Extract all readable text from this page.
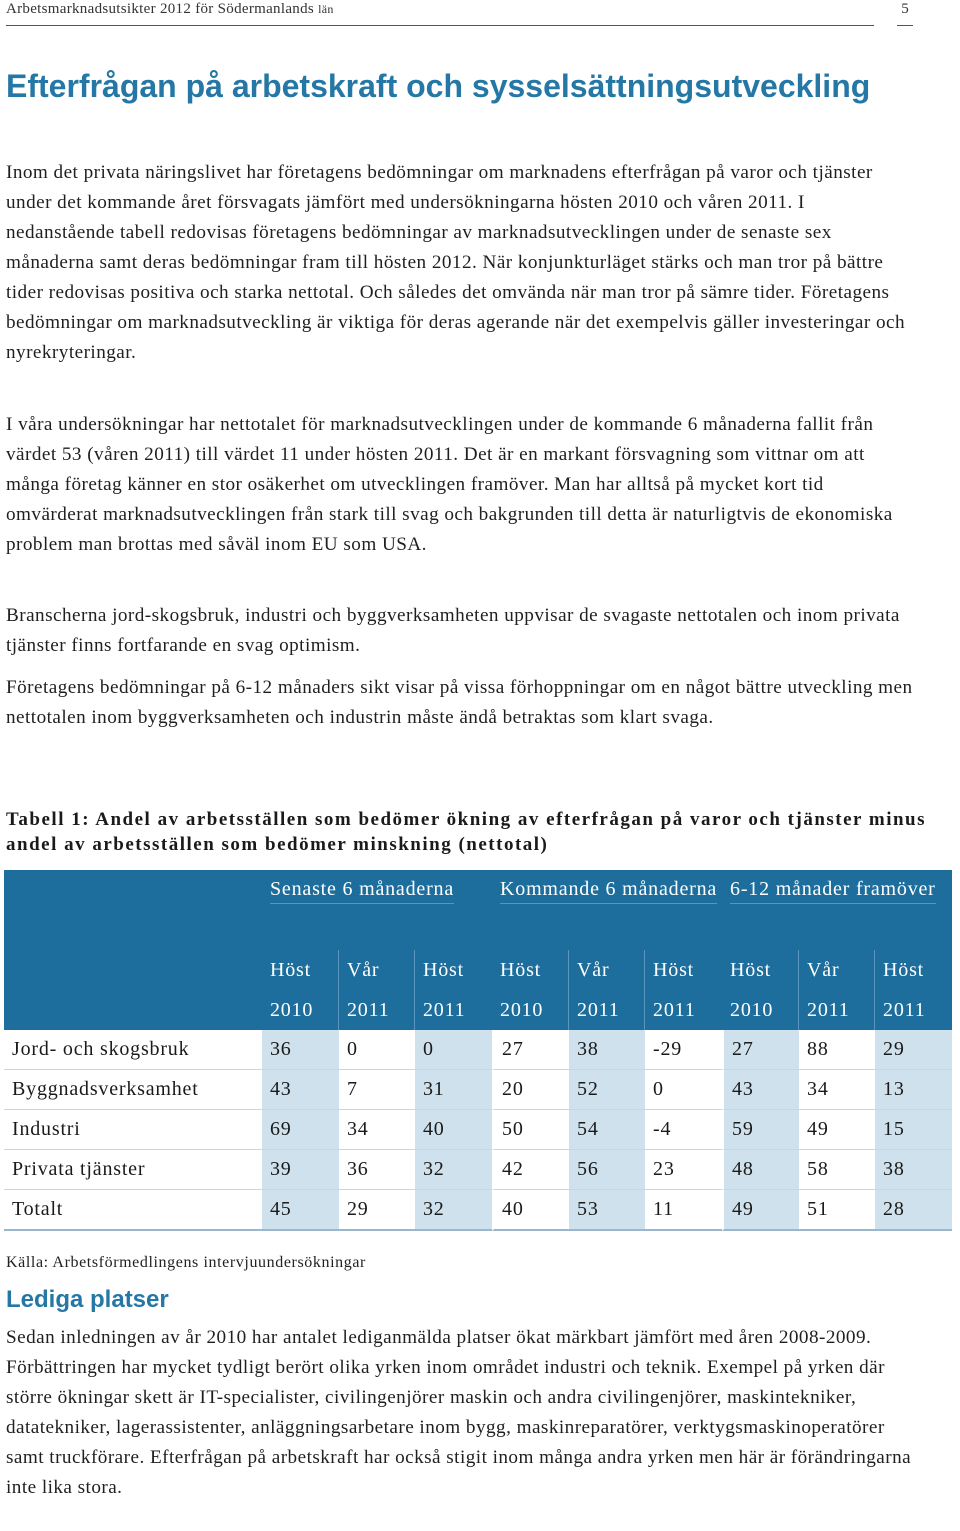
Arbetsmarknadsutsikter 2012 för Södermanlands län	5
Efterfrågan på arbetskraft och sysselsättningsutveckling

Inom det privata näringslivet har företagens bedömningar om marknadens efterfrågan på varor och tjänster under det kommande året försvagats jämfört med undersökningarna hösten 2010 och våren 2011. I nedanstående tabell redovisas företagens bedömningar av marknadsutvecklingen under de senaste sex månaderna samt deras bedömningar fram till hösten 2012. När konjunkturläget stärks och man tror på bättre tider redovisas positiva och starka nettotal. Och således det omvända när man tror på sämre tider. Företagens bedömningar om marknadsutveckling är viktiga för deras agerande när det exempelvis gäller investeringar och nyrekryteringar.

I våra undersökningar har nettotalet för marknadsutvecklingen under de kommande 6 månaderna fallit från värdet 53 (våren 2011) till värdet 11 under hösten 2011. Det är en markant försvagning som vittnar om att många företag känner en stor osäkerhet om utvecklingen framöver. Man har alltså på mycket kort tid omvärderat marknadsutvecklingen från stark till svag och bakgrunden till detta är naturligtvis de ekonomiska problem man brottas med såväl inom EU som USA.

Branscherna jord-skogsbruk, industri och byggverksamheten uppvisar de svagaste nettotalen och inom privata tjänster finns fortfarande en svag optimism.

Företagens bedömningar på 6-12 månaders sikt visar på vissa förhoppningar om en något bättre utveckling men nettotalen inom byggverksamheten och industrin måste ändå betraktas som klart svaga.

Tabell 1: Andel av arbetsställen som bedömer ökning av efterfrågan på varor och tjänster minus andel av arbetsställen som bedömer minskning (nettotal)

	Senaste 6 månaderna			Kommande 6 månaderna			6-12 månader framöver		
	Höst	Vår	Höst	Höst	Vår	Höst	Höst	Vår	Höst
	2010	2011	2011	2010	2011	2011	2010	2011	2011
Jord- och skogsbruk	36	0	0	27	38	-29	27	88	29
Byggnadsverksamhet	43	7	31	20	52	0	43	34	13
Industri	69	34	40	50	54	-4	59	49	15
Privata tjänster	39	36	32	42	56	23	48	58	38
Totalt	45	29	32	40	53	11	49	51	28

Källa: Arbetsförmedlingens intervjuundersökningar

Lediga platser

Sedan inledningen av år 2010 har antalet lediganmälda platser ökat märkbart jämfört med åren 2008-2009. Förbättringen har mycket tydligt berört olika yrken inom området industri och teknik. Exempel på yrken där större ökningar skett är IT-specialister, civilingenjörer maskin och andra civilingenjörer, maskintekniker, datatekniker, lagerassistenter, anläggningsarbetare inom bygg, maskinreparatörer, verktygsmaskinoperatörer samt truckförare. Efterfrågan på arbetskraft har också stigit inom många andra yrken men här är förändringarna inte lika stora.
